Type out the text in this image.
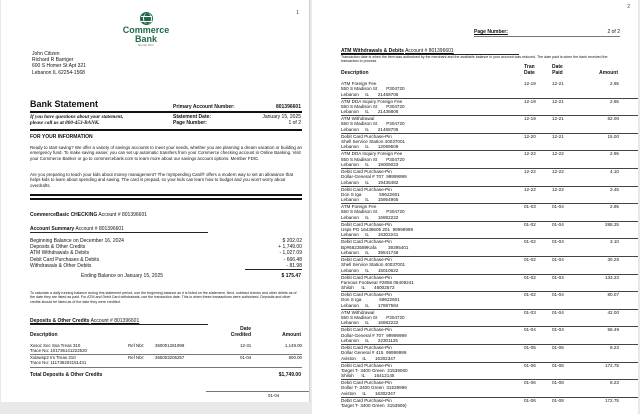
1
Commerce
Bank
Member FDIC
John Citizen
Richard R Barriger
600 S Homer St Apt 321
Lebanon IL 62254-1568
Bank Statement	Primary Account Number:	801396601
If you have questions about your statement,
please call us at 800-453-BANK.
Statement Date:	January 15, 2025
Page Number:	1 of 2
FOR YOUR INFORMATION
Ready to start saving? We offer a variety of savings accounts to meet your needs, whether you are planning a dream vacation or building an emergency fund. To make saving easier, you can set up automatic transfers from your Commerce checking account in Online Banking. Visit your Commerce Banker or go to commercebank.com to learn more about our savings account options. Member FDIC.
Are you preparing to teach your kids about money management? The mySpending Card® offers a modern way to set an allowance that helps kids to learn about spending and saving. The card is prepaid, so your kids can learn how to budget and you won't worry about overdrafts.
CommerceBasic CHECKING Account # 801396601
Account Summary Account # 801396601
Beginning Balance on December 16, 2024	$ 202.02
Deposits & Other Credits	+ 1,749.00
ATM Withdrawals & Debits	- 1,027.09
Debit Card Purchases & Debits	- 666.48
Withdrawals & Other Debits	- 81.98
Ending Balance on January 15, 2025	$ 175.47
To calculate a daily running balance during this statement period, use the beginning balance as it is listed on the statement. Next, subtract checks and other debits as of the date they are listed as paid. For ATM and Debit Card withdrawals, use the transaction date. This is when these transactions were authorized. Deposits and other credits should be listed as of the date they were credited.
Deposits & Other Credits Account # 801396601
Description
Date
Credited	Amount
Xxsoc Sec Ssa Treas 310
Trace No: 101736141222520
Ref Nbr: 360001281999	12-31	1,149.00
Xxlawsp2 Irs Treas 310
Trace No: 111736204151431
Ref Nbr: 365003206257	01-04	600.00
Total Deposits & Other Credits	$1,749.00
01-04
2
Page Number:	2 of 2
ATM Withdrawals & Debits Account # 801396601
Transaction date is when the item was authorized by the merchant and the available balance in your account was reduced. The date paid is when the bank received the transaction to process.
Description
Tran
Date
Date
Paid	Amount
ATM Foreign Fee
550 S Madison St       P304720
Lebanon     IL       21468706
12-19	12-21	2.95
ATM DDA Inquiry Foreign Fee
550 S Madison St       P304720
Lebanon     IL       21436806
12-19	12-21	2.95
ATM Withdrawal
550 S Madison St       P304720
Lebanon     IL       21468706
12-19	12-21	62.00
Debit Card Purchase-Pin
Shell Service Station 40037001
Lebanon     IL       12069509
12-20	12-21	15.00
ATM DDA Inquiry Foreign Fee
550 S Madison St       P304720
Lebanon     IL       19005023
12-22	12-22	2.95
Debit Card Purchase-Pin
Dollar-General # 707  99999999
Lebanon     IL       19435482
12-22	12-22	4.10
Debit Card Purchase-Pin
Don S Iga              59622601
Lebanon     IL       15954955
12-22	12-22	3.45
ATM Foreign Fee
550 S Madison St       P304720
Lebanon     IL       16882222
01-03	01-04	2.95
Debit Card Purchase-Pin
Usps PO 16438605 201  99999999
Lebanon     IL       16302241
01-02	01-04	288.25
Debit Card Purchase-Pin
Bp#6623589Kafa         39395401
Lebanon     IL       39541748
01-02	01-04	3.10
Debit Card Purchase-Pin
Shell Service Station 40037001
Lebanon     IL       15010622
01-02	01-04	30.26
Debit Card Purchase-Pin
Famous Footwear #2856 06409241
Shiloh      IL       46002573
01-02	01-04	133.23
Debit Card Purchase-Pin
Don S Iga              59622601
Lebanon     IL       17887584
01-02	01-04	80.07
ATM Withdrawal
550 S Madison St       P304720
Lebanon     IL       16882222
01-03	01-04	42.00
Debit Card Purchase-Pin
Dollar-General # 707  99999999
Lebanon     IL       22301125
01-04	01-04	56.49
Debit Card Purchase-Pin
Dollar General # 415  99999999
Aviston     IL       16302347
01-05	01-06	8.23
Debit Card Purchase-Pin
Target T- 3400 Green  31539060
Shiloh      IL       16412145
01-06	01-08	172.75
Debit Card Purchase-Pin
Dollar T- 3400 Green  31539999
Aviston     IL       16302347
01-06	01-08	8.23
Debit Card Purchase-Pin
Target T- 3400 Green  3153906)
01-06	01-08	172.75
